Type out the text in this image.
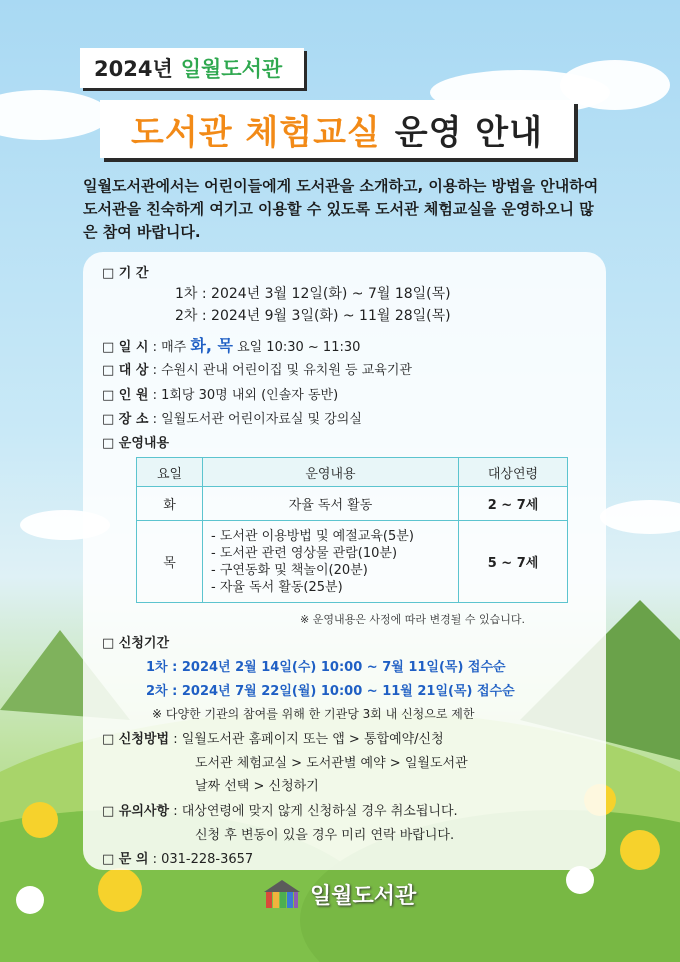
2024년 일월도서관
도서관 체험교실 운영 안내
일월도서관에서는 어린이들에게 도서관을 소개하고, 이용하는 방법을 안내하여 도서관을 친숙하게 여기고 이용할 수 있도록 도서관 체험교실을 운영하오니 많은 참여 바랍니다.
□ 기 간
1차 : 2024년 3월 12일(화) ~ 7월 18일(목)
2차 : 2024년 9월 3일(화) ~ 11월 28일(목)
□ 일 시 : 매주 화, 목 요일 10:30 ~ 11:30
□ 대 상 : 수원시 관내 어린이집 및 유치원 등 교육기관
□ 인 원 : 1회당 30명 내외 (인솔자 동반)
□ 장 소 : 일월도서관 어린이자료실 및 강의실
□ 운영내용
요일	운영내용	대상연령
화	자율 독서 활동	2 ~ 7세
목	- 도서관 이용방법 및 예절교육(5분)
- 도서관 관련 영상물 관람(10분)
- 구연동화 및 책놀이(20분)
- 자율 독서 활동(25분)	5 ~ 7세
※ 운영내용은 사정에 따라 변경될 수 있습니다.
□ 신청기간
1차 : 2024년 2월 14일(수) 10:00 ~ 7월 11일(목) 접수순
2차 : 2024년 7월 22일(월) 10:00 ~ 11월 21일(목) 접수순
※ 다양한 기관의 참여를 위해 한 기관당 3회 내 신청으로 제한
□ 신청방법 : 일월도서관 홈페이지 또는 앱 > 통합예약/신청
도서관 체험교실 > 도서관별 예약 > 일월도서관
날짜 선택 > 신청하기
□ 유의사항 : 대상연령에 맞지 않게 신청하실 경우 취소됩니다.
신청 후 변동이 있을 경우 미리 연락 바랍니다.
□ 문 의 : 031-228-3657
일월도서관
